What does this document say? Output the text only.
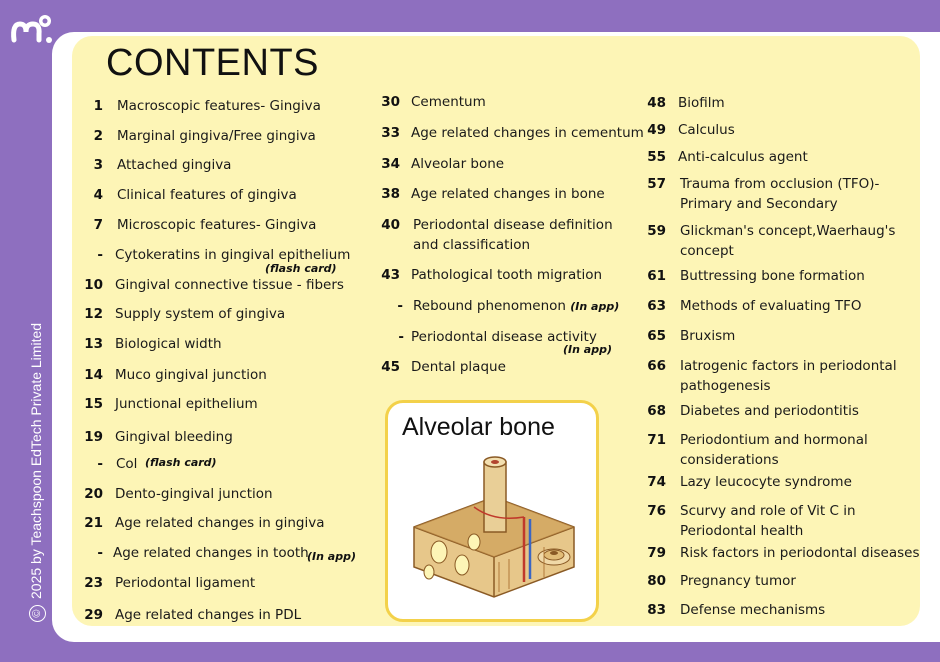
©2025 by Teachspoon EdTech Private Limited
CONTENTS
1 Macroscopic features- Gingiva
2 Marginal gingiva/Free gingiva
3 Attached gingiva
4 Clinical features of gingiva
7 Microscopic features- Gingiva
- Cytokeratins in gingival epithelium
(flash card)
10 Gingival connective tissue - fibers
12 Supply system of gingiva
13 Biological width
14 Muco gingival junction
15 Junctional epithelium
19 Gingival bleeding
- Col (flash card)
20 Dento-gingival junction
21 Age related changes in gingiva
- Age related changes in tooth
(In app)
23 Periodontal ligament
29 Age related changes in PDL
30 Cementum
33 Age related changes in cementum
34 Alveolar bone
38 Age related changes in bone
40 Periodontal disease definition
and classification
43 Pathological tooth migration
- Rebound phenomenon (In app)
- Periodontal disease activity
(In app)
45 Dental plaque
48 Biofilm
49 Calculus
55 Anti-calculus agent
57 Trauma from occlusion (TFO)-
Primary and Secondary
59 Glickman's concept,Waerhaug's
concept
61 Buttressing bone formation
63 Methods of evaluating TFO
65 Bruxism
66 Iatrogenic factors in periodontal
pathogenesis
68 Diabetes and periodontitis
71 Periodontium and hormonal
considerations
74 Lazy leucocyte syndrome
76 Scurvy and role of Vit C in
Periodontal health
79 Risk factors in periodontal diseases
80 Pregnancy tumor
83 Defense mechanisms
Alveolar bone
